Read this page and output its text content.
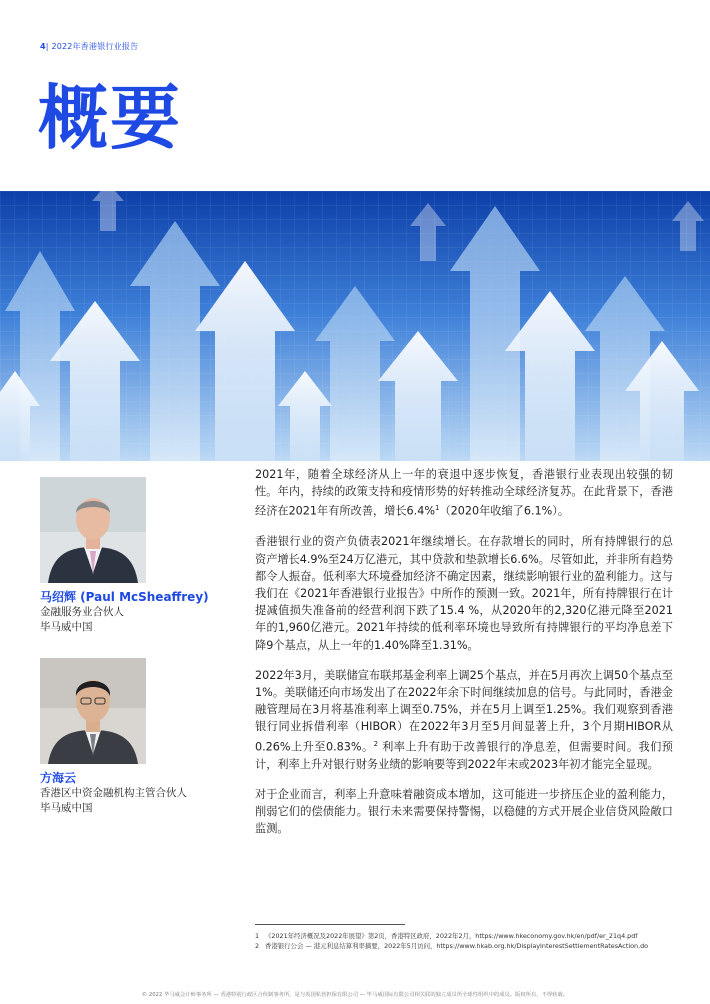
4| 2022年香港银行业报告
概要
马绍辉 (Paul McSheaffrey)
金融服务业合伙人
毕马威中国
方海云
香港区中资金融机构主管合伙人
毕马威中国

2021年，随着全球经济从上一年的衰退中逐步恢复，香港银行业表现出较强的韧性。年内，持续的政策支持和疫情形势的好转推动全球经济复苏。在此背景下，香港经济在2021年有所改善，增长6.4%$^1$（2020年收缩了6.1%）。

香港银行业的资产负债表2021年继续增长。在存款增长的同时，所有持牌银行的总资产增长4.9%至24万亿港元，其中贷款和垫款增长6.6%。尽管如此，并非所有趋势都令人振奋。低利率大环境叠加经济不确定因素，继续影响银行业的盈利能力。这与我们在《2021年香港银行业报告》中所作的预测一致。2021年，所有持牌银行在计提减值损失准备前的经营利润下跌了15.4 %，从2020年的2,320亿港元降至2021年的1,960亿港元。2021年持续的低利率环境也导致所有持牌银行的平均净息差下降9个基点，从上一年的1.40%降至1.31%。

2022年3月，美联储宣布联邦基金利率上调25个基点，并在5月再次上调50个基点至1%。美联储还向市场发出了在2022年余下时间继续加息的信号。与此同时，香港金融管理局在3月将基准利率上调至0.75%，并在5月上调至1.25%。我们观察到香港银行同业拆借利率（HIBOR）在2022年3月至5月间显著上升，3个月期HIBOR从0.26%上升至0.83%。$^2$ 利率上升有助于改善银行的净息差，但需要时间。我们预计，利率上升对银行财务业绩的影响要等到2022年末或2023年初才能完全显现。

对于企业而言，利率上升意味着融资成本增加，这可能进一步挤压企业的盈利能力，削弱它们的偿债能力。银行未来需要保持警惕，以稳健的方式开展企业信贷风险敞口监测。

1 《2021年经济概况及2022年展望》第2页，香港特区政府，2022年2月，https://www.hkeconomy.gov.hk/en/pdf/er_21q4.pdf
2 香港银行公会 — 港元利息结算利率摘要，2022年5月访问，https://www.hkab.org.hk/DisplayInterestSettlementRatesAction.do
© 2022 毕马威会计师事务所 — 香港特别行政区合伙制事务所，是与英国私营担保有限公司 — 毕马威国际有限公司相关联的独立成员所全球性组织中的成员。版权所有，不得转载。
